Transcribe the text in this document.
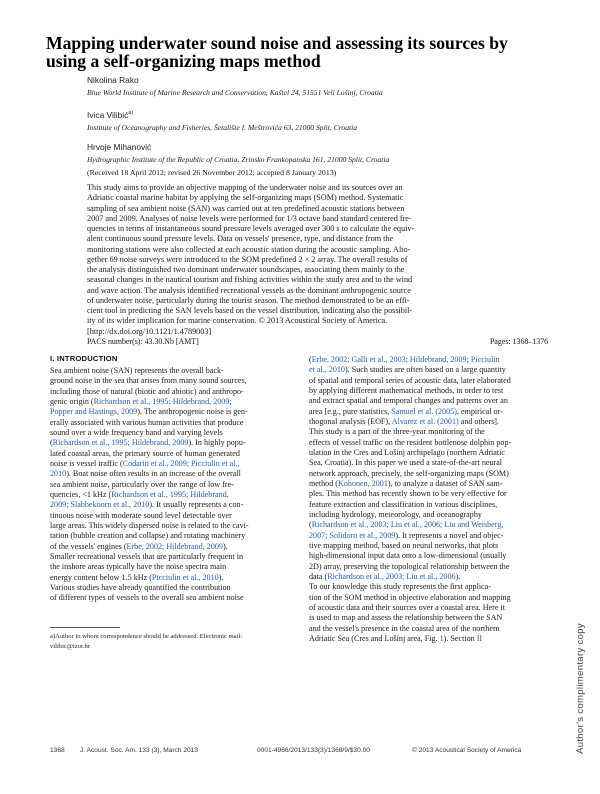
Mapping underwater sound noise and assessing its sources by
using a self-organizing maps method
Nikolina Rako
Blue World Institute of Marine Research and Conservation, Kaštel 24, 51551 Veli Lošinj, Croatia
Ivica Vilibić$^{a)}$
Institute of Oceanography and Fisheries, Šetalište I. Meštrovića 63, 21000 Split, Croatia
Hrvoje Mihanović
Hydrographic Institute of the Republic of Croatia, Zrinsko Frankopanska 161, 21000 Split, Croatia
(Received 18 April 2012; revised 26 November 2012; accepted 8 January 2013)
This study aims to provide an objective mapping of the underwater noise and its sources over an
Adriatic coastal marine habitat by applying the self-organizing maps (SOM) method. Systematic
sampling of sea ambient noise (SAN) was carried out at ten predefined acoustic stations between
2007 and 2009. Analyses of noise levels were performed for 1/3 octave band standard centered fre-
quencies in terms of instantaneous sound pressure levels averaged over 300 s to calculate the equiv-
alent continuous sound pressure levels. Data on vessels' presence, type, and distance from the
monitoring stations were also collected at each acoustic station during the acoustic sampling. Alto-
gether 69 noise surveys were introduced to the SOM predefined 2 × 2 array. The overall results of
the analysis distinguished two dominant underwater soundscapes, associating them mainly to the
seasonal changes in the nautical tourism and fishing activities within the study area and to the wind
and wave action. The analysis identified recreational vessels as the dominant anthropogenic source
of underwater noise, particularly during the tourist season. The method demonstrated to be an effi-
cient tool in predicting the SAN levels based on the vessel distribution, indicating also the possibil-
ity of its wider implication for marine conservation. © 2013 Acoustical Society of America.
[http://dx.doi.org/10.1121/1.4789003]
PACS number(s): 43.30.Nb [AMT]	Pages: 1368–1376
I. INTRODUCTION
Sea ambient noise (SAN) represents the overall back-
ground noise in the sea that arises from many sound sources,
including those of natural (biotic and abiotic) and anthropo-
genic origin (Richardson et al., 1995; Hildebrand, 2009;
Popper and Hastings, 2009). The anthropogenic noise is gen-
erally associated with various human activities that produce
sound over a wide frequency band and varying levels
(Richardson et al., 1995; Hildebrand, 2009). In highly popu-
lated coastal areas, the primary source of human generated
noise is vessel traffic (Codarin et al., 2009; Picciulin et al.,
2010). Boat noise often results in an increase of the overall
sea ambient noise, particularly over the range of low fre-
quencies, <1 kHz (Richardson et al., 1995; Hildebrand,
2009; Slabbekoorn et al., 2010). It usually represents a con-
tinuous noise with moderate sound level detectable over
large areas. This widely dispersed noise is related to the cavi-
tation (bubble creation and collapse) and rotating machinery
of the vessels' engines (Erbe, 2002; Hildebrand, 2009).
Smaller recreational vessels that are particularly frequent in
the inshore areas typically have the noise spectra main
energy content below 1.5 kHz (Picciulin et al., 2010).
Various studies have already quantified the contribution
of different types of vessels to the overall sea ambient noise
(Erbe, 2002; Galli et al., 2003; Hildebrand, 2009; Picciulin
et al., 2010). Such studies are often based on a large quantity
of spatial and temporal series of acoustic data, later elaborated
by applying different mathematical methods, in order to test
and extract spatial and temporal changes and patterns over an
area [e.g., pure statistics, Samuel et al. (2005), empirical or-
thogonal analysis (EOF), Alvarez et al. (2001) and others].
This study is a part of the three-year monitoring of the
effects of vessel traffic on the resident bottlenose dolphin pop-
ulation in the Cres and Lošinj archipelago (northern Adriatic
Sea, Croatia). In this paper we used a state-of-the-art neural
network approach, precisely, the self-organizing maps (SOM)
method (Kohonen, 2001), to analyze a dataset of SAN sam-
ples. This method has recently shown to be very effective for
feature extraction and classification in various disciplines,
including hydrology, meteorology, and oceanography
(Richardson et al., 2003; Liu et al., 2006; Liu and Weisberg,
2007; Solidoro et al., 2009). It represents a novel and objec-
tive mapping method, based on neural networks, that plots
high-dimensional input data onto a low-dimensional (usually
2D) array, preserving the topological relationship between the
data (Richardson et al., 2003; Liu et al., 2006).
To our knowledge this study represents the first applica-
tion of the SOM method in objective elaboration and mapping
of acoustic data and their sources over a coastal area. Here it
is used to map and assess the relationship between the SAN
and the vessel's presence in the coastal area of the northern
Adriatic Sea (Cres and Lošinj area, Fig. 1). Section II
a)Author to whom correspondence should be addressed. Electronic mail:
vilibic@izor.hr
1368 J. Acoust. Soc. Am. 133 (3), March 2013	0001-4966/2013/133(3)/1368/9/$30.00	© 2013 Acoustical Society of America	Author's complimentary copy
